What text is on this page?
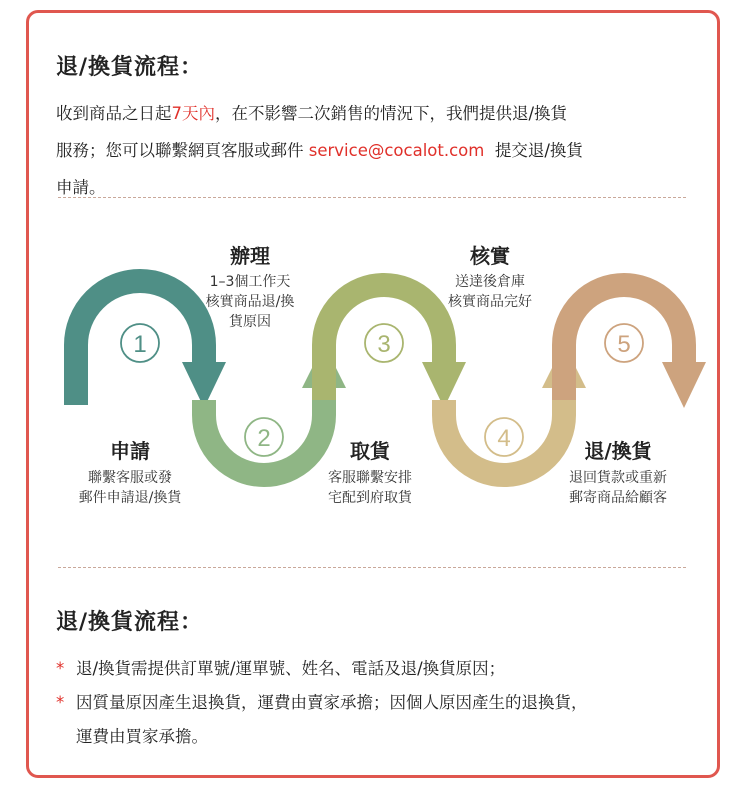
退/換貨流程：
收到商品之日起7天內，在不影響二次銷售的情況下，我們提供退/換貨
服務；您可以聯繫網頁客服或郵件 service@cocalot.com  提交退/換貨
申請。
1
2
3
4
5
申請
聯繫客服或發
郵件申請退/換貨
辦理
1–3個工作天
核實商品退/換
貨原因
取貨
客服聯繫安排
宅配到府取貨
核實
送達後倉庫
核實商品完好
退/換貨
退回貨款或重新
郵寄商品給顧客
退/換貨流程：
* 退/換貨需提供訂單號/運單號、姓名、電話及退/換貨原因；
* 因質量原因產生退換貨，運費由賣家承擔；因個人原因產生的退換貨，
運費由買家承擔。
